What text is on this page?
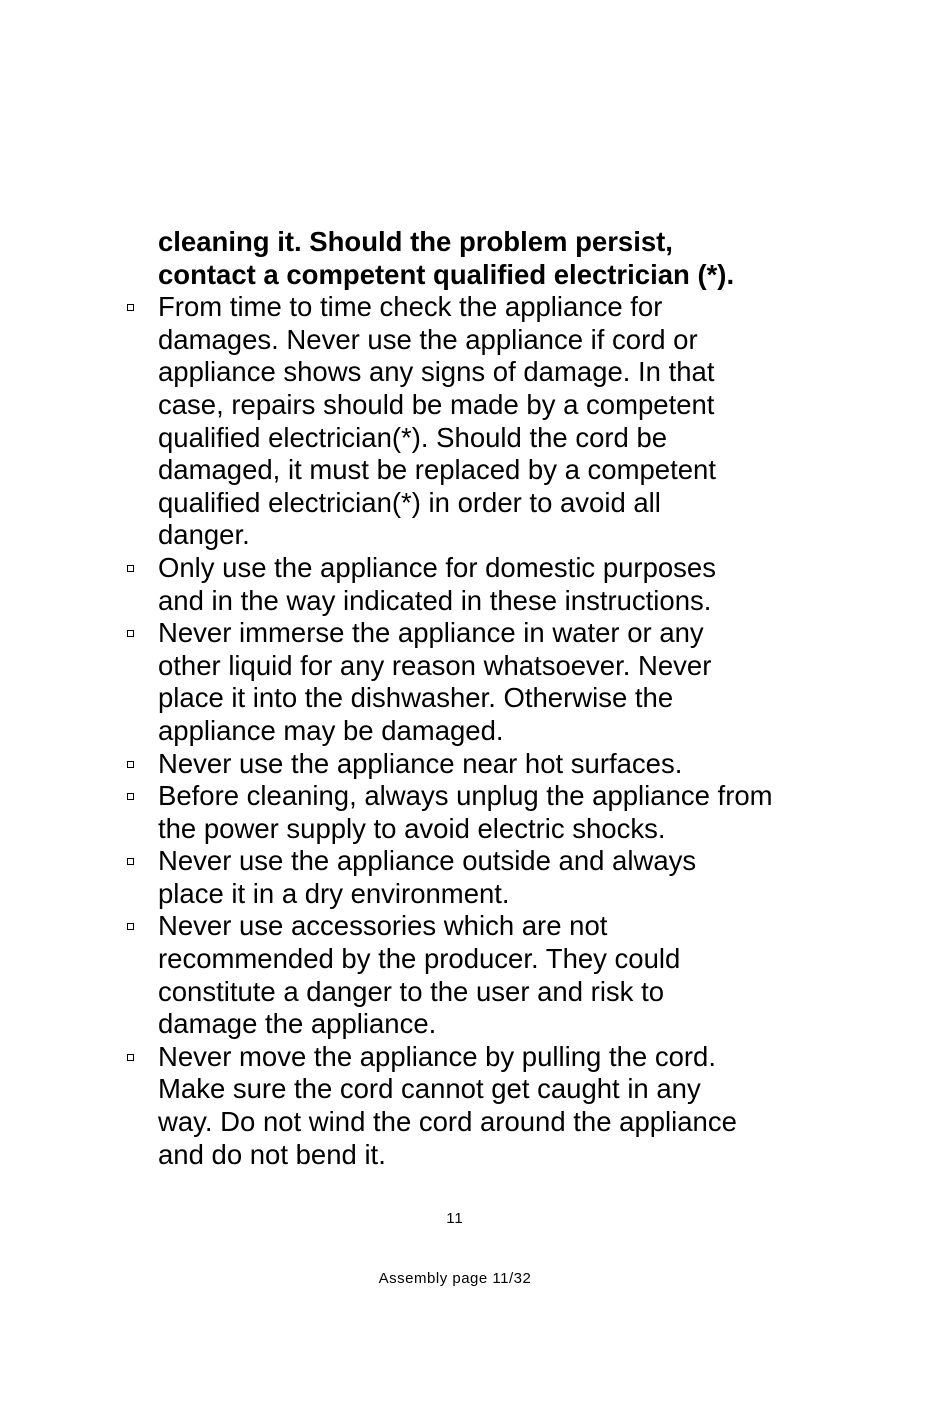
cleaning it. Should the problem persist,
contact a competent qualified electrician (*).
From time to time check the appliance for
damages. Never use the appliance if cord or
appliance shows any signs of damage. In that
case, repairs should be made by a competent
qualified electrician(*). Should the cord be
damaged, it must be replaced by a competent
qualified electrician(*) in order to avoid all
danger.
Only use the appliance for domestic purposes
and in the way indicated in these instructions.
Never immerse the appliance in water or any
other liquid for any reason whatsoever. Never
place it into the dishwasher. Otherwise the
appliance may be damaged.
Never use the appliance near hot surfaces.
Before cleaning, always unplug the appliance from
the power supply to avoid electric shocks.
Never use the appliance outside and always
place it in a dry environment.
Never use accessories which are not
recommended by the producer. They could
constitute a danger to the user and risk to
damage the appliance.
Never move the appliance by pulling the cord.
Make sure the cord cannot get caught in any
way. Do not wind the cord around the appliance
and do not bend it.
11
Assembly page 11/32
